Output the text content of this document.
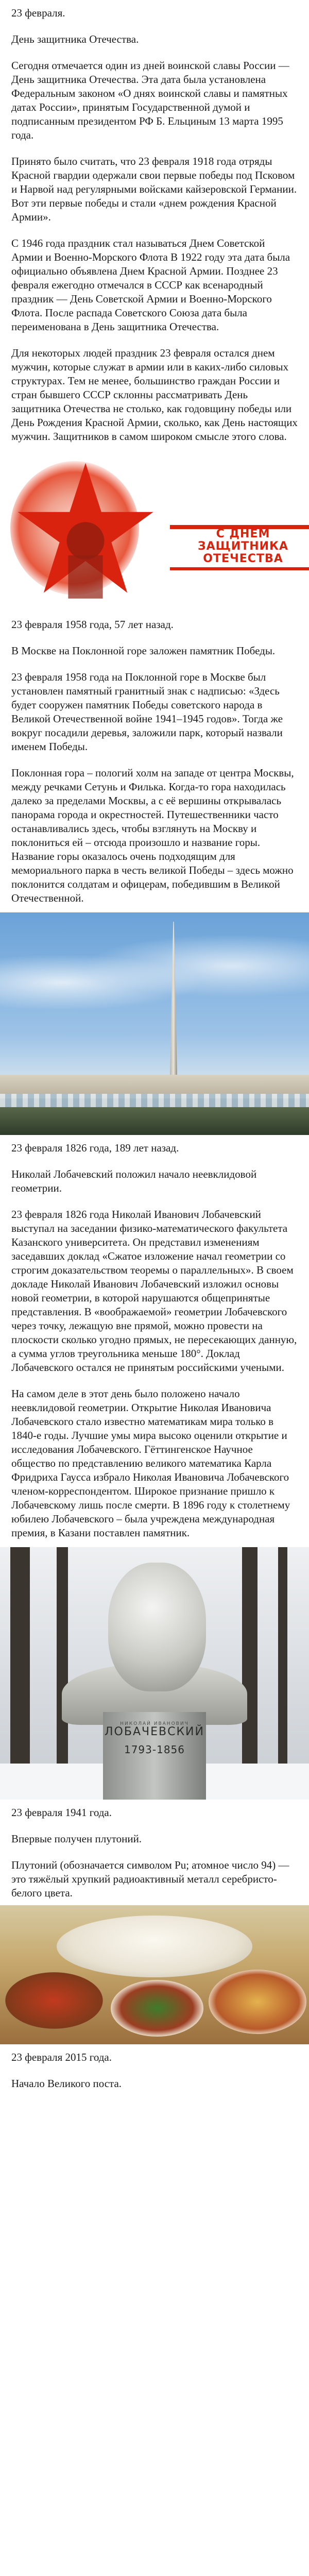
23 февраля.

День защитника Отечества.

Сегодня отмечается один из дней воинской славы России — День защитника Отечества. Эта дата была установлена Федеральным законом «О днях воинской славы и памятных датах России», принятым Государственной думой и подписанным президентом РФ Б. Ельциным 13 марта 1995 года.

Принято было считать, что 23 февраля 1918 года отряды Красной гвардии одержали свои первые победы под Псковом и Нарвой над регулярными войсками кайзеровской Германии. Вот эти первые победы и стали «днем рождения Красной Армии».

С 1946 года праздник стал называться Днем Советской Армии и Военно-Морского Флота В 1922 году эта дата была официально объявлена Днем Красной Армии. Позднее 23 февраля ежегодно отмечался в СССР как всенародный праздник — День Советской Армии и Военно-Морского Флота. После распада Советского Союза дата была переименована в День защитника Отечества.

Для некоторых людей праздник 23 февраля остался днем мужчин, которые служат в армии или в каких-либо силовых структурах. Тем не менее, большинство граждан России и стран бывшего СССР склонны рассматривать День защитника Отечества не столько, как годовщину победы или День Рождения Красной Армии, сколько, как День настоящих мужчин. Защитников в самом широком смысле этого слова.

С ДНЁМ
ЗАЩИТНИКА
ОТЕЧЕСТВА

23 февраля 1958 года, 57 лет назад.

В Москве на Поклонной горе заложен памятник Победы.

23 февраля 1958 года на Поклонной горе в Москве был установлен памятный гранитный знак с надписью: «Здесь будет сооружен памятник Победы советского народа в Великой Отечественной войне 1941–1945 годов». Тогда же вокруг посадили деревья, заложили парк, который назвали именем Победы.

Поклонная гора – пологий холм на западе от центра Москвы, между речками Сетунь и Филька. Когда-то гора находилась далеко за пределами Москвы, а с её вершины открывалась панорама города и окрестностей. Путешественники часто останавливались здесь, чтобы взглянуть на Москву и поклониться ей – отсюда произошло и название горы. Название горы оказалось очень подходящим для мемориального парка в честь великой Победы – здесь можно поклонится солдатам и офицерам, победившим в Великой Отечественной.

23 февраля 1826 года, 189 лет назад.

Николай Лобачевский положил начало неевклидовой геометрии.

23 февраля 1826 года Николай Иванович Лобачевский выступал на заседании физико-математического факультета Казанского университета. Он представил изменениям заседавших доклад «Сжатое изложение начал геометрии со строгим доказательством теоремы о параллельных». В своем докладе Николай Иванович Лобачевский изложил основы новой геометрии, в которой нарушаются общепринятые представления. В «воображаемой» геометрии Лобачевского через точку, лежащую вне прямой, можно провести на плоскости сколько угодно прямых, не пересекающих данную, а сумма углов треугольника меньше 180°. Доклад Лобачевского остался не принятым российскими учеными.

На самом деле в этот день было положено начало неевклидовой геометрии. Открытие Николая Ивановича Лобачевского стало известно математикам мира только в 1840-е годы. Лучшие умы мира высоко оценили открытие и исследования Лобачевского. Гёттингенское Научное общество по представлению великого математика Карла Фридриха Гаусса избрало Николая Ивановича Лобачевского членом-корреспондентом. Широкое признание пришло к Лобачевскому лишь после смерти. В 1896 году к столетнему юбилею Лобачевского – была учреждена международная премия, в Казани поставлен памятник.

НИКОЛАЙ ИВАНОВИЧ
ЛОБАЧЕВСКИЙ
1793-1856

23 февраля 1941 года.

Впервые получен плутоний.

Плутоний (обозначается символом Pu; атомное число 94) — это тяжёлый хрупкий радиоактивный металл серебристо-белого цвета.

23 февраля 2015 года.

Начало Великого поста.
